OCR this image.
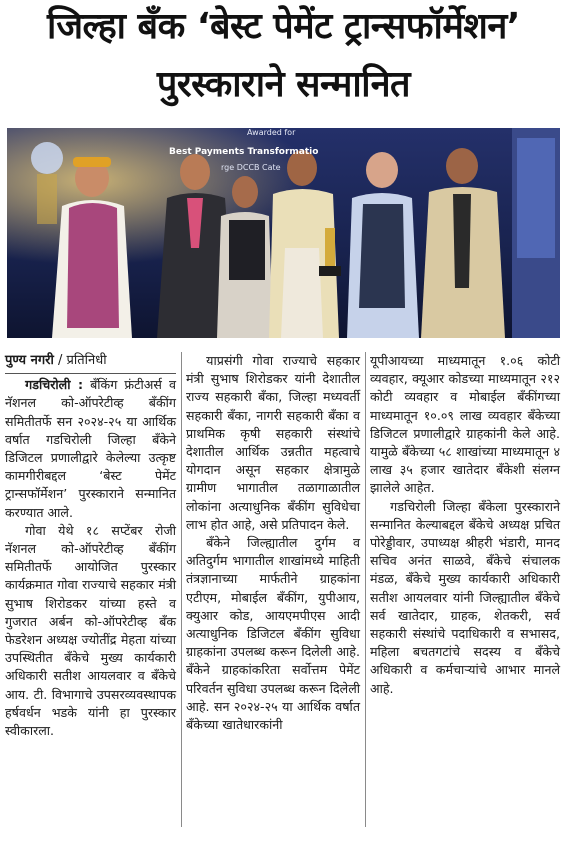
जिल्हा बँक ‘बेस्ट पेमेंट ट्रान्सफॉर्मेशन’
पुरस्काराने सन्मानित
Awarded for
Best Payments Transformatio
rge DCCB Cate
पुण्य नगरी / प्रतिनिधी

गडचिरोली : बँकिंग फ्रंटीअर्स व नॅशनल को-ऑपरेटीव्ह बँकींग समितीतर्फे सन २०२४-२५ या आर्थिक वर्षात गडचिरोली जिल्हा बँकेने डिजिटल प्रणालीद्वारे केलेल्या उत्कृष्ट कामगीरीबद्दल ‘बेस्ट पेमेंट ट्रान्सफॉर्मेशन’ पुरस्काराने सन्मानित करण्यात आले.

गोवा येथे १८ सप्टेंबर रोजी नॅशनल को-ऑपरेटीव्ह बँकींग समितीतर्फे आयोजित पुरस्कार कार्यक्रमात गोवा राज्याचे सहकार मंत्री सुभाष शिरोडकर यांच्या हस्ते व गुजरात अर्बन को-ऑपरेटीव्ह बँक फेडरेशन अध्यक्ष ज्योतींद्र मेहता यांच्या उपस्थितीत बँकेचे मुख्य कार्यकारी अधिकारी सतीश आयलवार व बँकेचे आय. टी. विभागाचे उपसरव्यवस्थापक हर्षवर्धन भडके यांनी हा पुरस्कार स्वीकारला.

याप्रसंगी गोवा राज्याचे सहकार मंत्री सुभाष शिरोडकर यांनी देशातील राज्य सहकारी बँका, जिल्हा मध्यवर्ती सहकारी बँका, नागरी सहकारी बँका व प्राथमिक कृषी सहकारी संस्थांचे देशातील आर्थिक उन्नतीत महत्वाचे योगदान असून सहकार क्षेत्रामुळे ग्रामीण भागातील तळागाळातील लोकांना अत्याधुनिक बँकींग सुविधेचा लाभ होत आहे, असे प्रतिपादन केले.

बँकेने जिल्ह्यातील दुर्गम व अतिदुर्गम भागातील शाखांमध्ये माहिती तंत्रज्ञानाच्या मार्फतीने ग्राहकांना एटीएम, मोबाईल बँकींग, युपीआय, क्युआर कोड, आयएमपीएस आदी अत्याधुनिक डिजिटल बँकींग सुविधा ग्राहकांना उपलब्ध करून दिलेली आहे. बँकेने ग्राहकांकरिता सर्वोत्तम पेमेंट परिवर्तन सुविधा उपलब्ध करून दिलेली आहे. सन २०२४-२५ या आर्थिक वर्षात बँकेच्या खातेधारकांनी

यूपीआयच्या माध्यमातून १.०६ कोटी व्यवहार, क्यूआर कोडच्या माध्यमातून २१२ कोटी व्यवहार व मोबाईल बँकींगच्या माध्यमातून १०.०९ लाख व्यवहार बँकेच्या डिजिटल प्रणालीद्वारे ग्राहकांनी केले आहे. यामुळे बँकेच्या ५८ शाखांच्या माध्यमातून ४ लाख ३५ हजार खातेदार बँकेशी संलग्न झालेले आहेत.

गडचिरोली जिल्हा बँकेला पुरस्काराने सन्मानित केल्याबद्दल बँकेचे अध्यक्ष प्रचित पोरेड्डीवार, उपाध्यक्ष श्रीहरी भंडारी, मानद सचिव अनंत साळवे, बँकेचे संचालक मंडळ, बँकेचे मुख्य कार्यकारी अधिकारी सतीश आयलवार यांनी जिल्ह्यातील बँकेचे सर्व खातेदार, ग्राहक, शेतकरी, सर्व सहकारी संस्थांचे पदाधिकारी व सभासद, महिला बचतगटांचे सदस्य व बँकेचे अधिकारी व कर्मचाऱ्यांचे आभार मानले आहे.
